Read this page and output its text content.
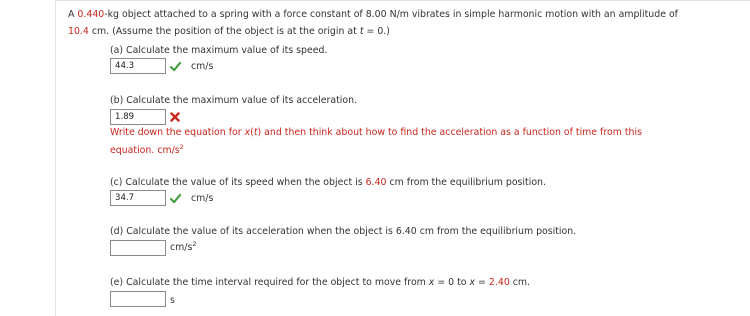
A 0.440-kg object attached to a spring with a force constant of 8.00 N/m vibrates in simple harmonic motion with an amplitude of
10.4 cm. (Assume the position of the object is at the origin at t = 0.)
(a) Calculate the maximum value of its speed.
44.3	cm/s
(b) Calculate the maximum value of its acceleration.
1.89
Write down the equation for x(t) and then think about how to find the acceleration as a function of time from this
equation. $cm/s^2$
(c) Calculate the value of its speed when the object is 6.40 cm from the equilibrium position.
34.7	cm/s
(d) Calculate the value of its acceleration when the object is 6.40 cm from the equilibrium position.
$cm/s^2$
(e) Calculate the time interval required for the object to move from x = 0 to x = 2.40 cm.
s
